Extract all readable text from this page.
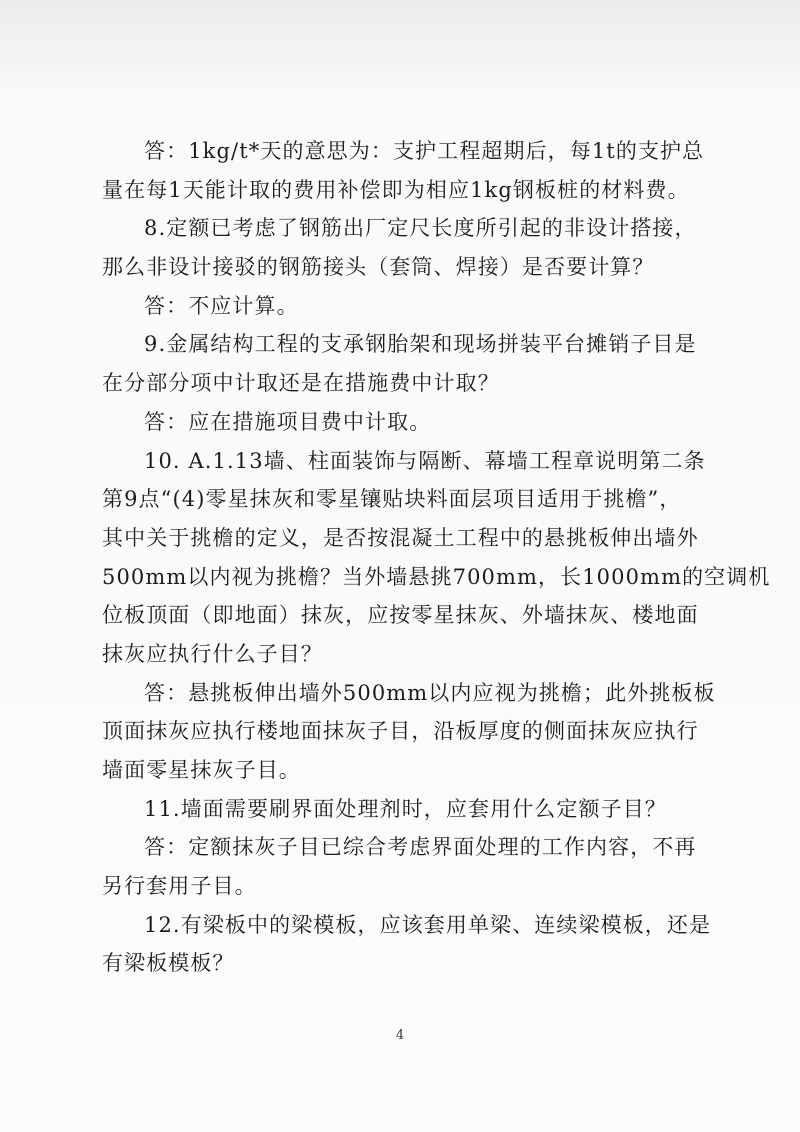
答：1kg/t*天的意思为：支护工程超期后，每1t的支护总
量在每1天能计取的费用补偿即为相应1kg钢板桩的材料费。

8.定额已考虑了钢筋出厂定尺长度所引起的非设计搭接，
那么非设计接驳的钢筋接头（套筒、焊接）是否要计算？

答：不应计算。

9.金属结构工程的支承钢胎架和现场拼装平台摊销子目是
在分部分项中计取还是在措施费中计取？

答：应在措施项目费中计取。

10. A.1.13墙、柱面装饰与隔断、幕墙工程章说明第二条
第9点“(4)零星抹灰和零星镶贴块料面层项目适用于挑檐”，
其中关于挑檐的定义，是否按混凝土工程中的悬挑板伸出墙外
500mm以内视为挑檐？当外墙悬挑700mm，长1000mm的空调机
位板顶面（即地面）抹灰，应按零星抹灰、外墙抹灰、楼地面
抹灰应执行什么子目？

答：悬挑板伸出墙外500mm以内应视为挑檐；此外挑板板
顶面抹灰应执行楼地面抹灰子目，沿板厚度的侧面抹灰应执行
墙面零星抹灰子目。

11.墙面需要刷界面处理剂时，应套用什么定额子目？

答：定额抹灰子目已综合考虑界面处理的工作内容，不再
另行套用子目。

12.有梁板中的梁模板，应该套用单梁、连续梁模板，还是
有梁板模板？

4
